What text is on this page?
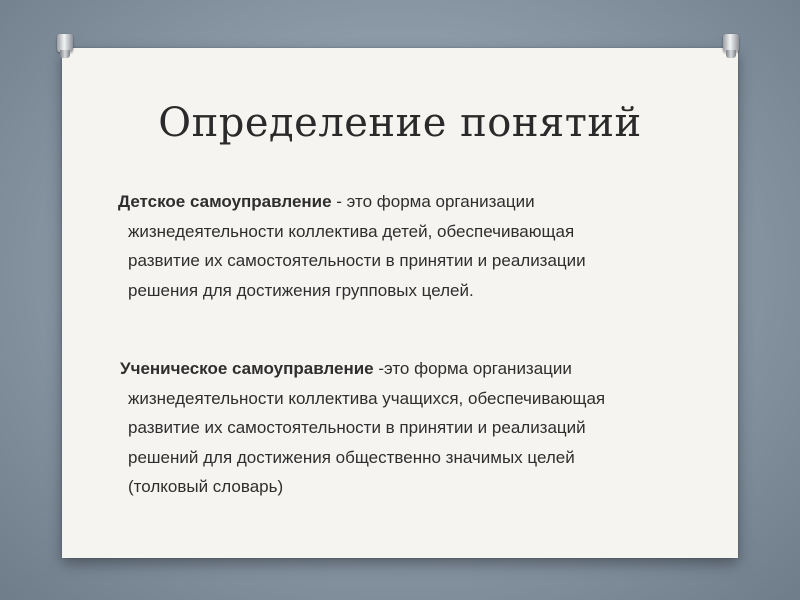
Определение понятий
Детское самоуправление - это форма организации
жизнедеятельности коллектива детей, обеспечивающая
развитие их самостоятельности в принятии и реализации
решения для достижения групповых целей.
Ученическое самоуправление -это форма организации
жизнедеятельности коллектива учащихся, обеспечивающая
развитие их самостоятельности в принятии и реализаций
решений для достижения общественно значимых целей
(толковый словарь)
